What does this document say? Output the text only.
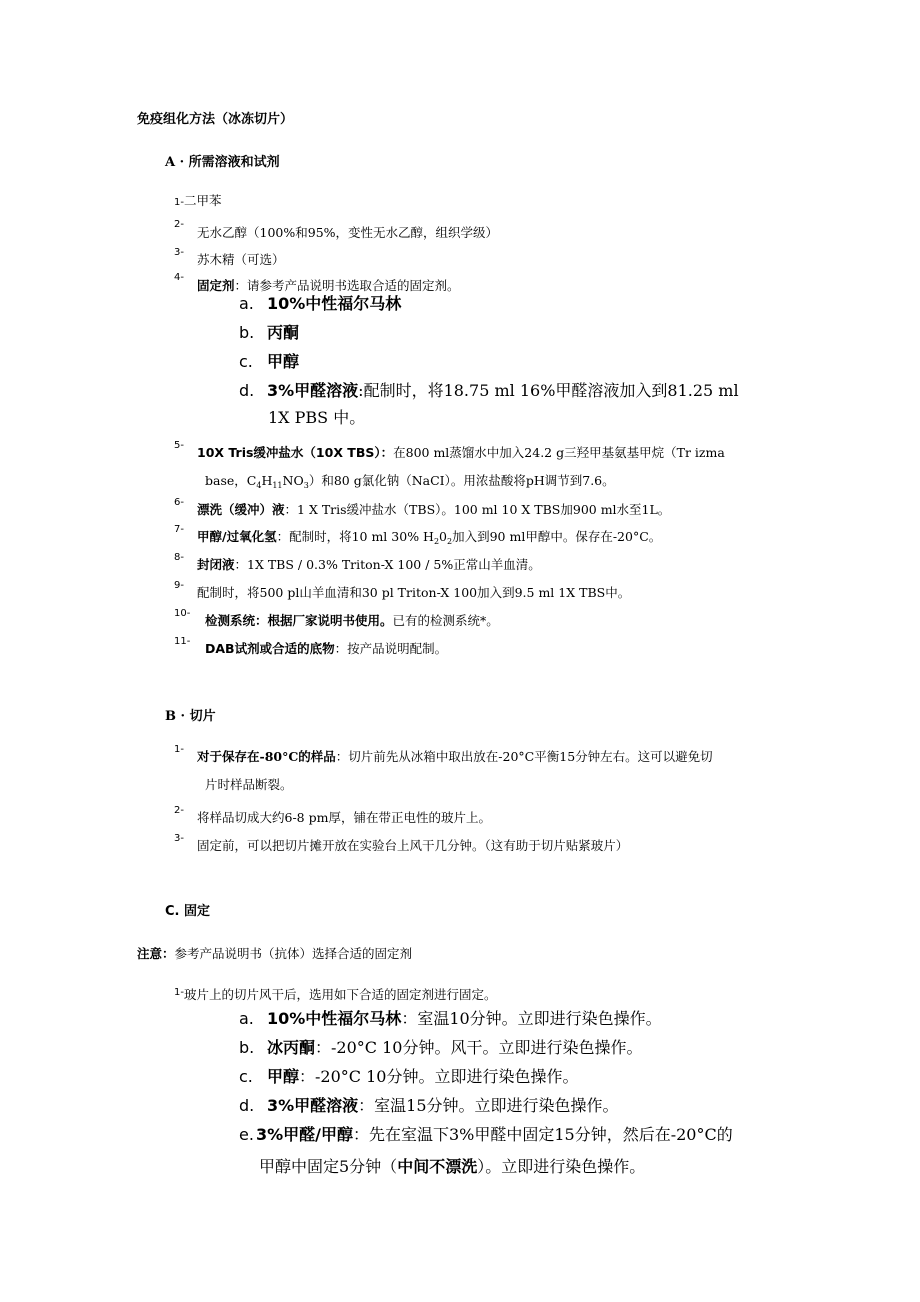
免疫组化方法（冰冻切片）
A · 所需溶液和试剂
1-二甲苯
2-
无水乙醇（100%和95%，变性无水乙醇，组织学级）
3- 苏木精（可选）
4-
固定剂：请参考产品说明书选取合适的固定剂。
a. 10%中性福尔马林
b. 丙酮
c. 甲醇
d. 3%甲醛溶液:配制时，将18.75 ml 16%甲醛溶液加入到81.25 ml
1X PBS 中。
5- 10X Tris缓冲盐水（10X TBS）：在800 ml蒸馏水中加入24.2 g三羟甲基氨基甲烷（Tr izma
base，$C_4H_{11}NO_3$）和80 g氯化钠（NaCI）。用浓盐酸将pH调节到7.6。
6- 漂洗（缓冲）液：1 X Tris缓冲盐水（TBS）。100 ml 10 X TBS加900 ml水至1L。
7- 甲醇/过氧化氢：配制时，将10 ml 30% $H_20_2$加入到90 ml甲醇中。保存在-20°C。
8- 封闭液：1X TBS / 0.3% Triton-X 100 / 5%正常山羊血清。
9- 配制时，将500 pl山羊血清和30 pl Triton-X 100加入到9.5 ml 1X TBS中。
10- 检测系统：根据厂家说明书使用。已有的检测系统*。
11- DAB试剂或合适的底物：按产品说明配制。
B · 切片
1- 对于保存在-80°C的样品：切片前先从冰箱中取出放在-20°C平衡15分钟左右。这可以避免切
片时样品断裂。
2- 将样品切成大约6-8 pm厚，铺在带正电性的玻片上。
3- 固定前，可以把切片摊开放在实验台上风干几分钟。（这有助于切片贴紧玻片）
C. 固定
注意：参考产品说明书（抗体）选择合适的固定剂
$^{1-}$玻片上的切片风干后，选用如下合适的固定剂进行固定。
a. 10%中性福尔马林：室温10分钟。立即进行染色操作。
b. 冰丙酮：-20°C 10分钟。风干。立即进行染色操作。
c. 甲醇：-20°C 10分钟。立即进行染色操作。
d. 3%甲醛溶液：室温15分钟。立即进行染色操作。
e. 3%甲醛/甲醇：先在室温下3%甲醛中固定15分钟，然后在-20°C的
甲醇中固定5分钟（中间不漂洗）。立即进行染色操作。
